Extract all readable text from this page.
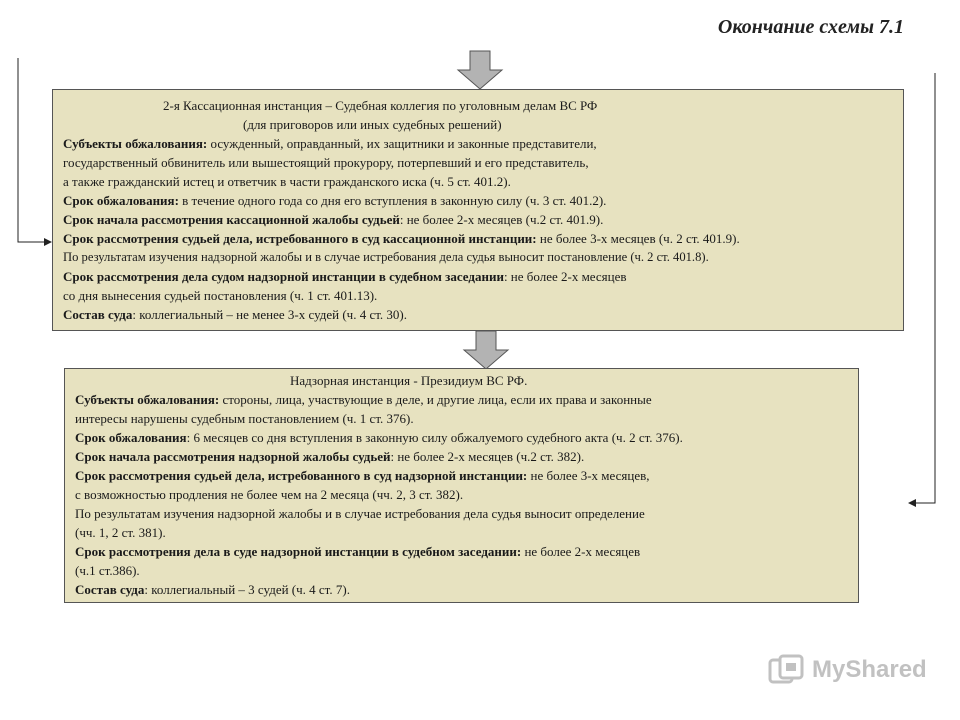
Окончание схемы 7.1
2-я Кассационная инстанция – Судебная коллегия по уголовным делам ВС РФ
(для приговоров или иных судебных решений)
Субъекты обжалования: осужденный, оправданный, их защитники и законные представители,
государственный обвинитель или вышестоящий прокурору, потерпевший и его представитель,
а также гражданский истец и ответчик в части гражданского иска (ч. 5 ст. 401.2).
Срок обжалования: в течение одного года со дня его вступления в законную силу (ч. 3 ст. 401.2).
Срок начала рассмотрения кассационной жалобы судьей: не более 2-х месяцев (ч.2 ст. 401.9).
Срок рассмотрения судьей дела, истребованного в суд кассационной инстанции: не более 3-х месяцев (ч. 2 ст. 401.9).
По результатам изучения надзорной жалобы и в случае истребования дела судья выносит постановление (ч. 2 ст. 401.8).
Срок рассмотрения дела судом надзорной инстанции в судебном заседании: не более 2-х месяцев
со дня вынесения судьей постановления (ч. 1 ст. 401.13).
Состав суда: коллегиальный – не менее 3-х судей (ч. 4 ст. 30).
Надзорная инстанция - Президиум ВС РФ.
Субъекты обжалования: стороны, лица, участвующие в деле, и другие лица, если их права и законные
интересы нарушены судебным постановлением (ч. 1 ст. 376).
Срок обжалования: 6 месяцев со дня вступления в законную силу обжалуемого судебного акта (ч. 2 ст. 376).
Срок начала рассмотрения надзорной жалобы судьей: не более 2-х месяцев (ч.2 ст. 382).
Срок рассмотрения судьей дела, истребованного в суд надзорной инстанции: не более 3-х месяцев,
с возможностью продления не более чем на 2 месяца (чч. 2, 3 ст. 382).
По результатам изучения надзорной жалобы и в случае истребования дела судья выносит определение
(чч. 1, 2 ст. 381).
Срок рассмотрения дела в суде надзорной инстанции в судебном заседании: не более 2-х месяцев
(ч.1 ст.386).
Состав суда: коллегиальный – 3 судей (ч. 4 ст. 7).
MyShared
